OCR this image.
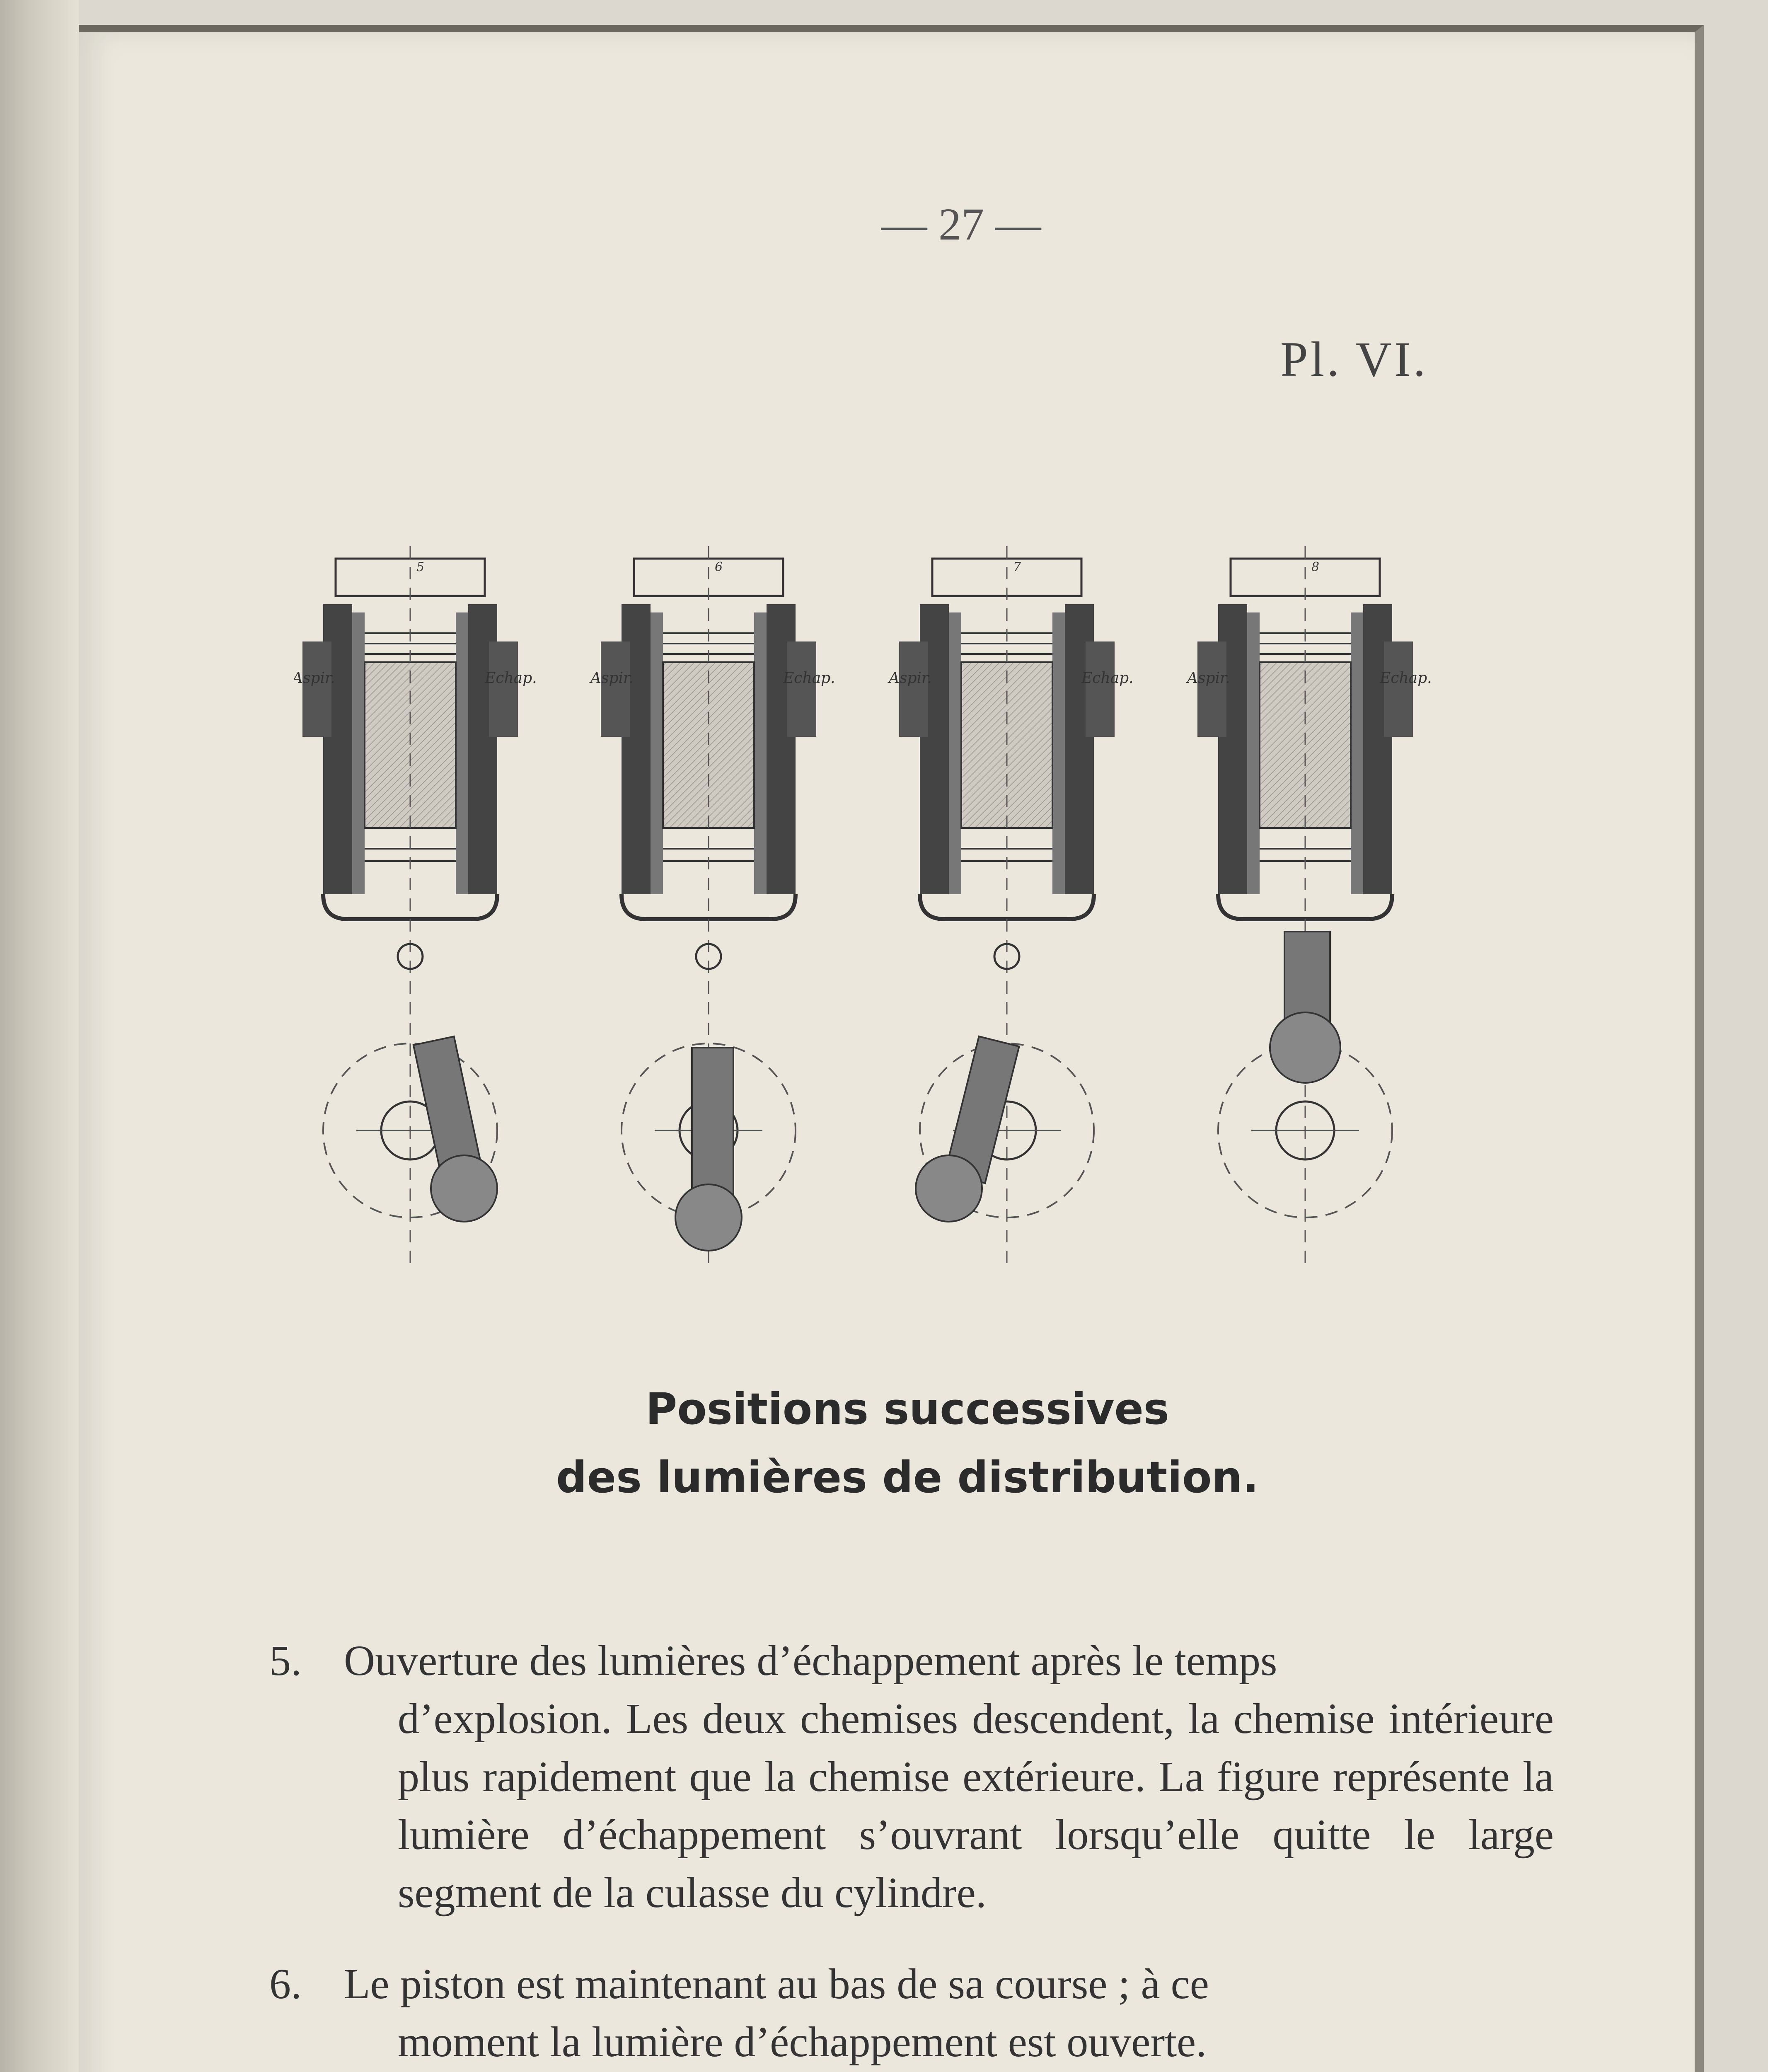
— 27 —
Pl. VI.
5	6	7	8
Aspir.	Echap.	Aspir.	Echap.	Aspir.	Echap.	Aspir.	Echap.
Positions successives
des lumières de distribution.
5. Ouverture des lumières d’échappement après le temps
d’explosion. Les deux chemises descendent, la chemise intérieure plus rapidement que la chemise extérieure. La figure représente la lumière d’échappement s’ouvrant lorsqu’elle quitte le large segment de la culasse du cylindre.
6. Le piston est maintenant au bas de sa course ; à ce
moment la lumière d’échappement est ouverte.
